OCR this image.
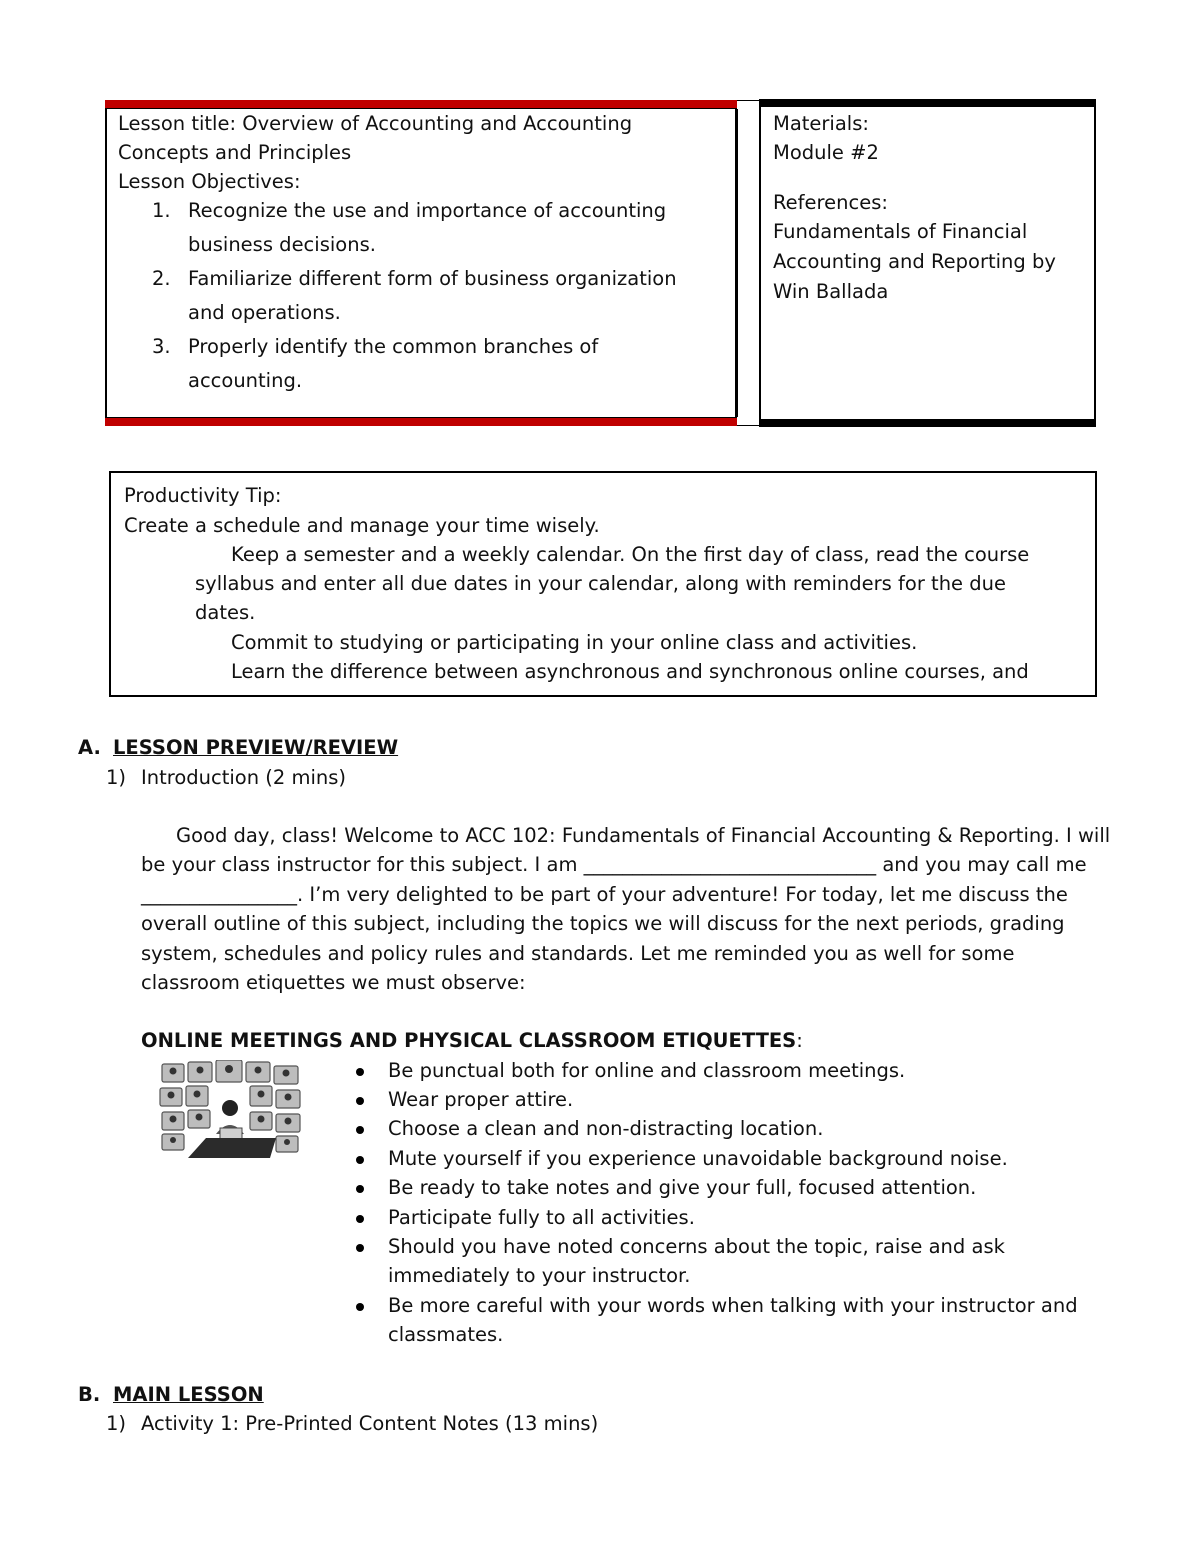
Lesson title: Overview of Accounting and Accounting
Concepts and Principles
Lesson Objectives:
1. Recognize the use and importance of accounting
business decisions.
2. Familiarize different form of business organization
and operations.
3. Properly identify the common branches of
accounting.
Materials:
Module #2
References:
Fundamentals of Financial
Accounting and Reporting by
Win Ballada
Productivity Tip:
Create a schedule and manage your time wisely.
Keep a semester and a weekly calendar. On the first day of class, read the course
syllabus and enter all due dates in your calendar, along with reminders for the due
dates.
Commit to studying or participating in your online class and activities.
Learn the difference between asynchronous and synchronous online courses, and
A. LESSON PREVIEW/REVIEW
1) Introduction (2 mins)
Good day, class! Welcome to ACC 102: Fundamentals of Financial Accounting & Reporting. I will
be your class instructor for this subject. I am ______________________________ and you may call me
________________. I’m very delighted to be part of your adventure! For today, let me discuss the
overall outline of this subject, including the topics we will discuss for the next periods, grading
system, schedules and policy rules and standards. Let me reminded you as well for some
classroom etiquettes we must observe:
ONLINE MEETINGS AND PHYSICAL CLASSROOM ETIQUETTES:
Be punctual both for online and classroom meetings.
Wear proper attire.
Choose a clean and non-distracting location.
Mute yourself if you experience unavoidable background noise.
Be ready to take notes and give your full, focused attention.
Participate fully to all activities.
Should you have noted concerns about the topic, raise and ask
immediately to your instructor.
Be more careful with your words when talking with your instructor and
classmates.
B. MAIN LESSON
1) Activity 1: Pre-Printed Content Notes (13 mins)
